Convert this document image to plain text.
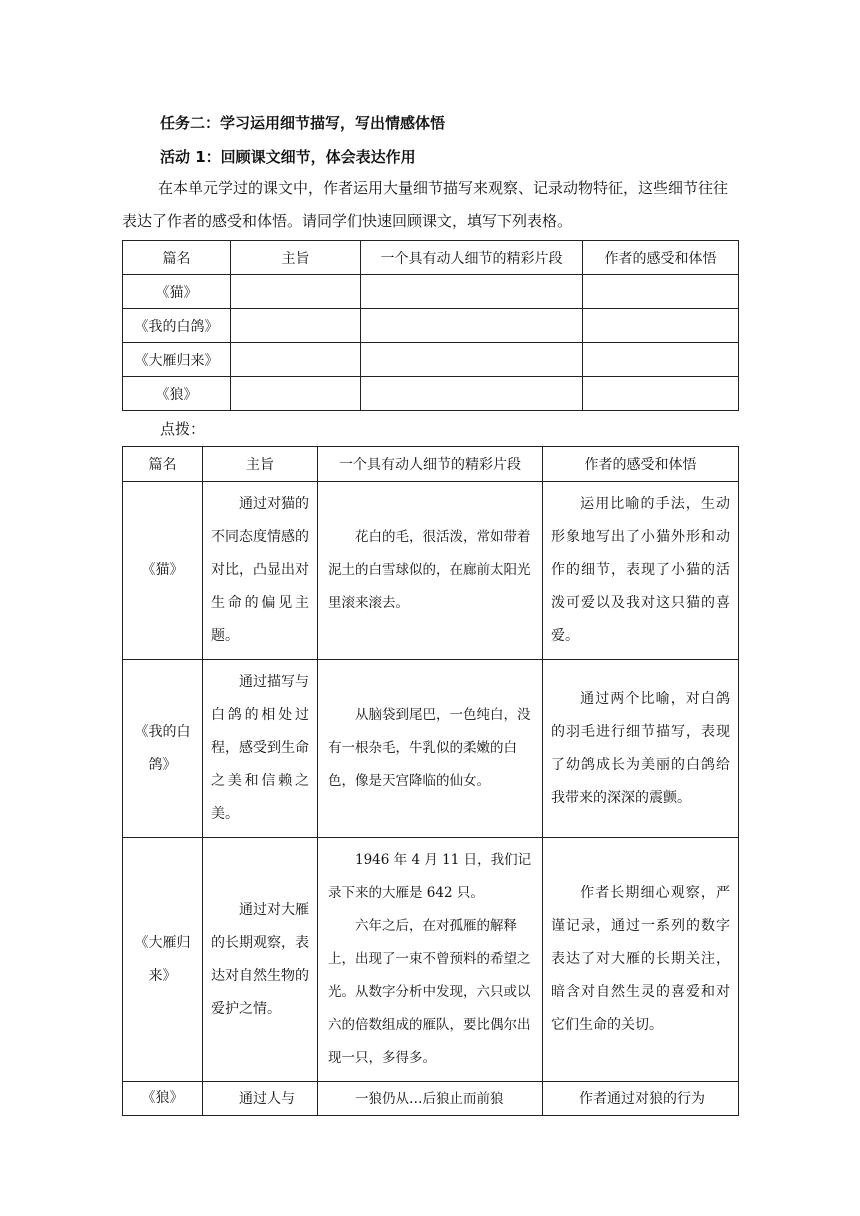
任务二：学习运用细节描写，写出情感体悟
活动 1：回顾课文细节，体会表达作用
在本单元学过的课文中，作者运用大量细节描写来观察、记录动物特征，这些细节往往
表达了作者的感受和体悟。请同学们快速回顾课文，填写下列表格。
篇名	主旨	一个具有动人细节的精彩片段	作者的感受和体悟
《猫》			
《我的白鸽》			
《大雁归来》			
《狼》			
点拨：
篇名	主旨	一个具有动人细节的精彩片段	作者的感受和体悟
《猫》	通过对猫的不同态度情感的对比，凸显出对生命的偏见主题。	花白的毛，很活泼，常如带着泥土的白雪球似的，在廊前太阳光里滚来滚去。	运用比喻的手法，生动形象地写出了小猫外形和动作的细节，表现了小猫的活泼可爱以及我对这只猫的喜爱。
《我的白鸽》	通过描写与白鸽的相处过程，感受到生命之美和信赖之美。	从脑袋到尾巴，一色纯白，没有一根杂毛，牛乳似的柔嫩的白色，像是天宫降临的仙女。	通过两个比喻，对白鸽的羽毛进行细节描写，表现了幼鸽成长为美丽的白鸽给我带来的深深的震颤。
《大雁归来》	通过对大雁的长期观察，表达对自然生物的爱护之情。	1946 年 4 月 11 日，我们记录下来的大雁是 642 只。
六年之后，在对孤雁的解释上，出现了一束不曾预料的希望之光。从数字分析中发现，六只或以六的倍数组成的雁队，要比偶尔出现一只，多得多。	作者长期细心观察，严谨记录，通过一系列的数字表达了对大雁的长期关注，暗含对自然生灵的喜爱和对它们生命的关切。
《狼》	通过人与	一狼仍从…后狼止而前狼	作者通过对狼的行为
